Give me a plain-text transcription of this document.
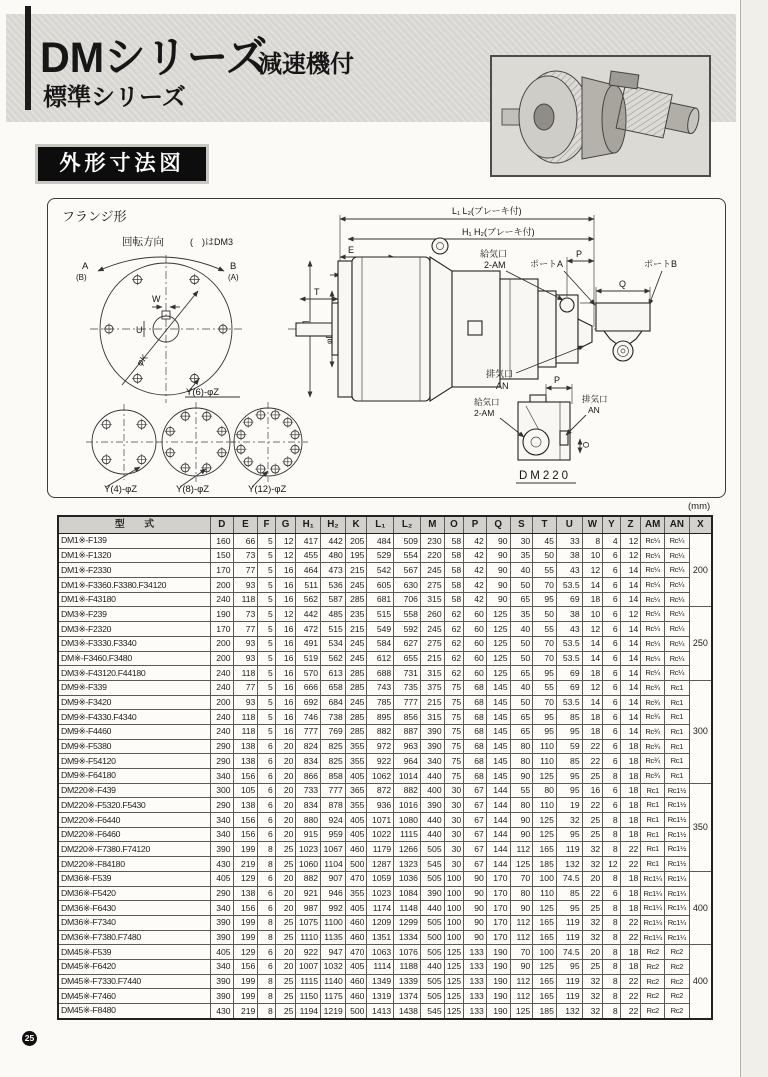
DMシリーズ
減速機付
標準シリーズ
外形寸法図
フランジ形
回転方向	(　)はDM3
A
(B)
B
(A)
W
U
φK
Y(6)-φZ
L₁ L₂(ブレーキ付)
H₁ H₂(ブレーキ付)
E
T
給気口
2-AM
P
排気口
AN
ポートA	ポートB
Q
Y(4)-φZ	Y(8)-φZ	Y(12)-φZ
給気口
2-AM
P
排気口
AN
O
DM220
(mm)
型　　式	D	E	F	G	H₁	H₂	K	L₁	L₂	M	O	P	Q	S	T	U	W	Y	Z	AM	AN	X
DM1※-F139	160	66	5	12	417	442	205	484	509	230	58	42	90	30	45	33	8	4	12	Rc¼	Rc¼	200
DM1※-F1320	150	73	5	12	455	480	195	529	554	220	58	42	90	35	50	38	10	6	12	Rc¼	Rc¼	
DM1※-F2330	170	77	5	16	464	473	215	542	567	245	58	42	90	40	55	43	12	6	14	Rc¼	Rc¼	
DM1※-F3360.F3380.F34120	200	93	5	16	511	536	245	605	630	275	58	42	90	50	70	53.5	14	6	14	Rc¼	Rc¼	
DM1※-F43180	240	118	5	16	562	587	285	681	706	315	58	42	90	65	95	69	18	6	14	Rc¼	Rc¼	
DM3※-F239	190	73	5	12	442	485	235	515	558	260	62	60	125	35	50	38	10	6	12	Rc¼	Rc¼	250
DM3※-F2320	170	77	5	16	472	515	215	549	592	245	62	60	125	40	55	43	12	6	14	Rc¼	Rc¼	
DM3※-F3330.F3340	200	93	5	16	491	534	245	584	627	275	62	60	125	50	70	53.5	14	6	14	Rc¼	Rc¼	
DM※-F3460.F3480	200	93	5	16	519	562	245	612	655	215	62	60	125	50	70	53.5	14	6	14	Rc¼	Rc¼	
DM3※-F43120.F44180	240	118	5	16	570	613	285	688	731	315	62	60	125	65	95	69	18	6	14	Rc¼	Rc¼	
DM9※-F339	240	77	5	16	666	658	285	743	735	375	75	68	145	40	55	69	12	6	14	Rc¾	Rc1	300
DM9※-F3420	200	93	5	16	692	684	245	785	777	215	75	68	145	50	70	53.5	14	6	14	Rc¾	Rc1	
DM9※-F4330.F4340	240	118	5	16	746	738	285	895	856	315	75	68	145	65	95	85	18	6	14	Rc¾	Rc1	
DM9※-F4460	240	118	5	16	777	769	285	882	887	390	75	68	145	65	95	95	18	6	14	Rc¾	Rc1	
DM9※-F5380	290	138	6	20	824	825	355	972	963	390	75	68	145	80	110	59	22	6	18	Rc¾	Rc1	
DM9※-F54120	290	138	6	20	834	825	355	922	964	340	75	68	145	80	110	85	22	6	18	Rc¾	Rc1	
DM9※-F64180	340	156	6	20	866	858	405	1062	1014	440	75	68	145	90	125	95	25	8	18	Rc¾	Rc1	
DM220※-F439	300	105	6	20	733	777	365	872	882	400	30	67	144	55	80	95	16	6	18	Rc1	Rc1½	350
DM220※-F5320.F5430	290	138	6	20	834	878	355	936	1016	390	30	67	144	80	110	19	22	6	18	Rc1	Rc1½	
DM220※-F6440	340	156	6	20	880	924	405	1071	1080	440	30	67	144	90	125	32	25	8	18	Rc1	Rc1½	
DM220※-F6460	340	156	6	20	915	959	405	1022	1115	440	30	67	144	90	125	95	25	8	18	Rc1	Rc1½	
DM220※-F7380.F74120	390	199	8	25	1023	1067	460	1179	1266	505	30	67	144	112	165	119	32	8	22	Rc1	Rc1½	
DM220※-F84180	430	219	8	25	1060	1104	500	1287	1323	545	30	67	144	125	185	132	32	12	22	Rc1	Rc1½	
DM36※-F539	405	129	6	20	882	907	470	1059	1036	505	100	90	170	70	100	74.5	20	8	18	Rc1¼	Rc1¼	400
DM36※-F5420	290	138	6	20	921	946	355	1023	1084	390	100	90	170	80	110	85	22	6	18	Rc1¼	Rc1¼	
DM36※-F6430	340	156	6	20	987	992	405	1174	1148	440	100	90	170	90	125	95	25	8	18	Rc1¼	Rc1¼	
DM36※-F7340	390	199	8	25	1075	1100	460	1209	1299	505	100	90	170	112	165	119	32	8	22	Rc1¼	Rc1¼	
DM36※-F7380.F7480	390	199	8	25	1110	1135	460	1351	1334	500	100	90	170	112	165	119	32	8	22	Rc1¼	Rc1¼	
DM45※-F539	405	129	6	20	922	947	470	1063	1076	505	125	133	190	70	100	74.5	20	8	18	Rc2	Rc2	400
DM45※-F6420	340	156	6	20	1007	1032	405	1114	1188	440	125	133	190	90	125	95	25	8	18	Rc2	Rc2	
DM45※-F7330.F7440	390	199	8	25	1115	1140	460	1349	1339	505	125	133	190	112	165	119	32	8	22	Rc2	Rc2	
DM45※-F7460	390	199	8	25	1150	1175	460	1319	1374	505	125	133	190	112	165	119	32	8	22	Rc2	Rc2	
DM45※-F8480	430	219	8	25	1194	1219	500	1413	1438	545	125	133	190	125	185	132	32	8	22	Rc2	Rc2	
25
